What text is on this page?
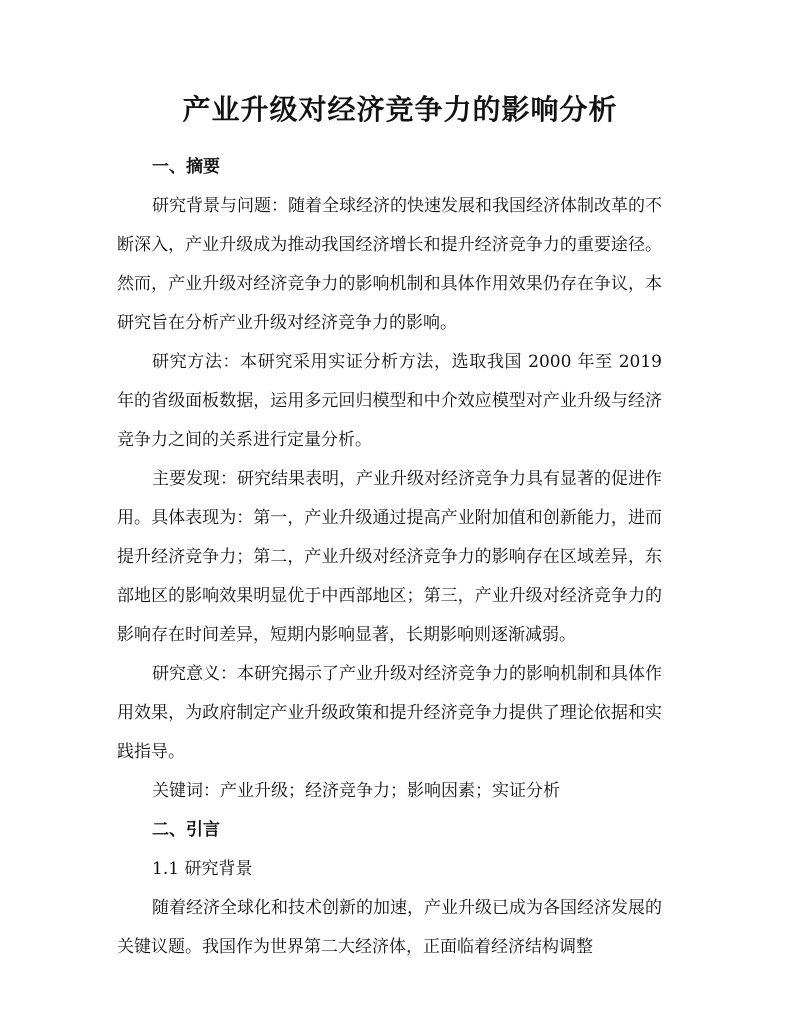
产业升级对经济竞争力的影响分析

一、摘要

研究背景与问题：随着全球经济的快速发展和我国经济体制改革的不断深入，产业升级成为推动我国经济增长和提升经济竞争力的重要途径。然而，产业升级对经济竞争力的影响机制和具体作用效果仍存在争议，本研究旨在分析产业升级对经济竞争力的影响。

研究方法：本研究采用实证分析方法，选取我国 2000 年至 2019 年的省级面板数据，运用多元回归模型和中介效应模型对产业升级与经济竞争力之间的关系进行定量分析。

主要发现：研究结果表明，产业升级对经济竞争力具有显著的促进作用。具体表现为：第一，产业升级通过提高产业附加值和创新能力，进而提升经济竞争力；第二，产业升级对经济竞争力的影响存在区域差异，东部地区的影响效果明显优于中西部地区；第三，产业升级对经济竞争力的影响存在时间差异，短期内影响显著，长期影响则逐渐减弱。

研究意义：本研究揭示了产业升级对经济竞争力的影响机制和具体作用效果，为政府制定产业升级政策和提升经济竞争力提供了理论依据和实践指导。

关键词：产业升级；经济竞争力；影响因素；实证分析

二、引言

1.1 研究背景

随着经济全球化和技术创新的加速，产业升级已成为各国经济发展的关键议题。我国作为世界第二大经济体，正面临着经济结构调整
